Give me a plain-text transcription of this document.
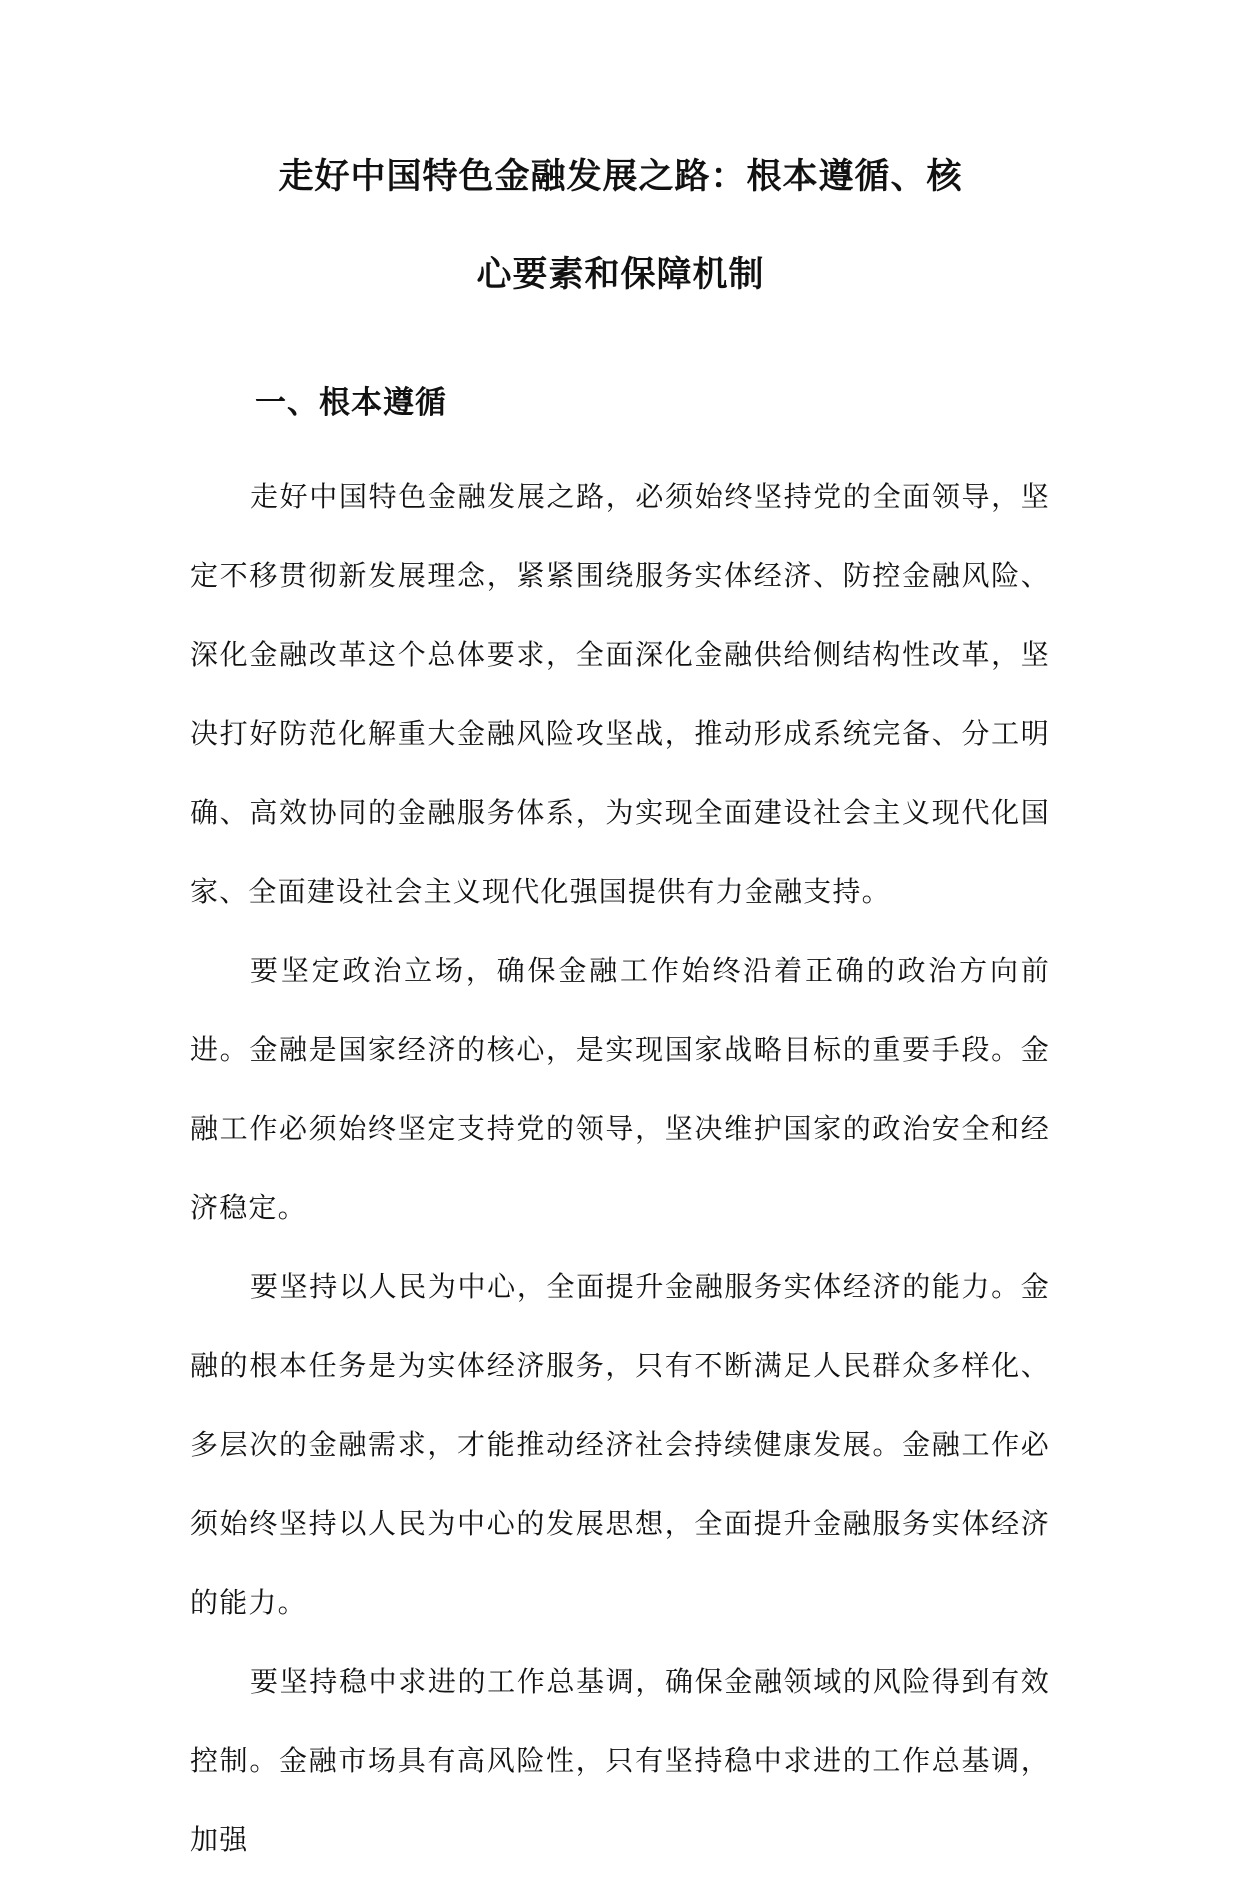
走好中国特色金融发展之路：根本遵循、核
心要素和保障机制
一、根本遵循

走好中国特色金融发展之路，必须始终坚持党的全面领导，坚定不移贯彻新发展理念，紧紧围绕服务实体经济、防控金融风险、深化金融改革这个总体要求，全面深化金融供给侧结构性改革，坚决打好防范化解重大金融风险攻坚战，推动形成系统完备、分工明确、高效协同的金融服务体系，为实现全面建设社会主义现代化国家、全面建设社会主义现代化强国提供有力金融支持。

要坚定政治立场，确保金融工作始终沿着正确的政治方向前进。金融是国家经济的核心，是实现国家战略目标的重要手段。金融工作必须始终坚定支持党的领导，坚决维护国家的政治安全和经济稳定。

要坚持以人民为中心，全面提升金融服务实体经济的能力。金融的根本任务是为实体经济服务，只有不断满足人民群众多样化、多层次的金融需求，才能推动经济社会持续健康发展。金融工作必须始终坚持以人民为中心的发展思想，全面提升金融服务实体经济的能力。

要坚持稳中求进的工作总基调，确保金融领域的风险得到有效控制。金融市场具有高风险性，只有坚持稳中求进的工作总基调，加强
